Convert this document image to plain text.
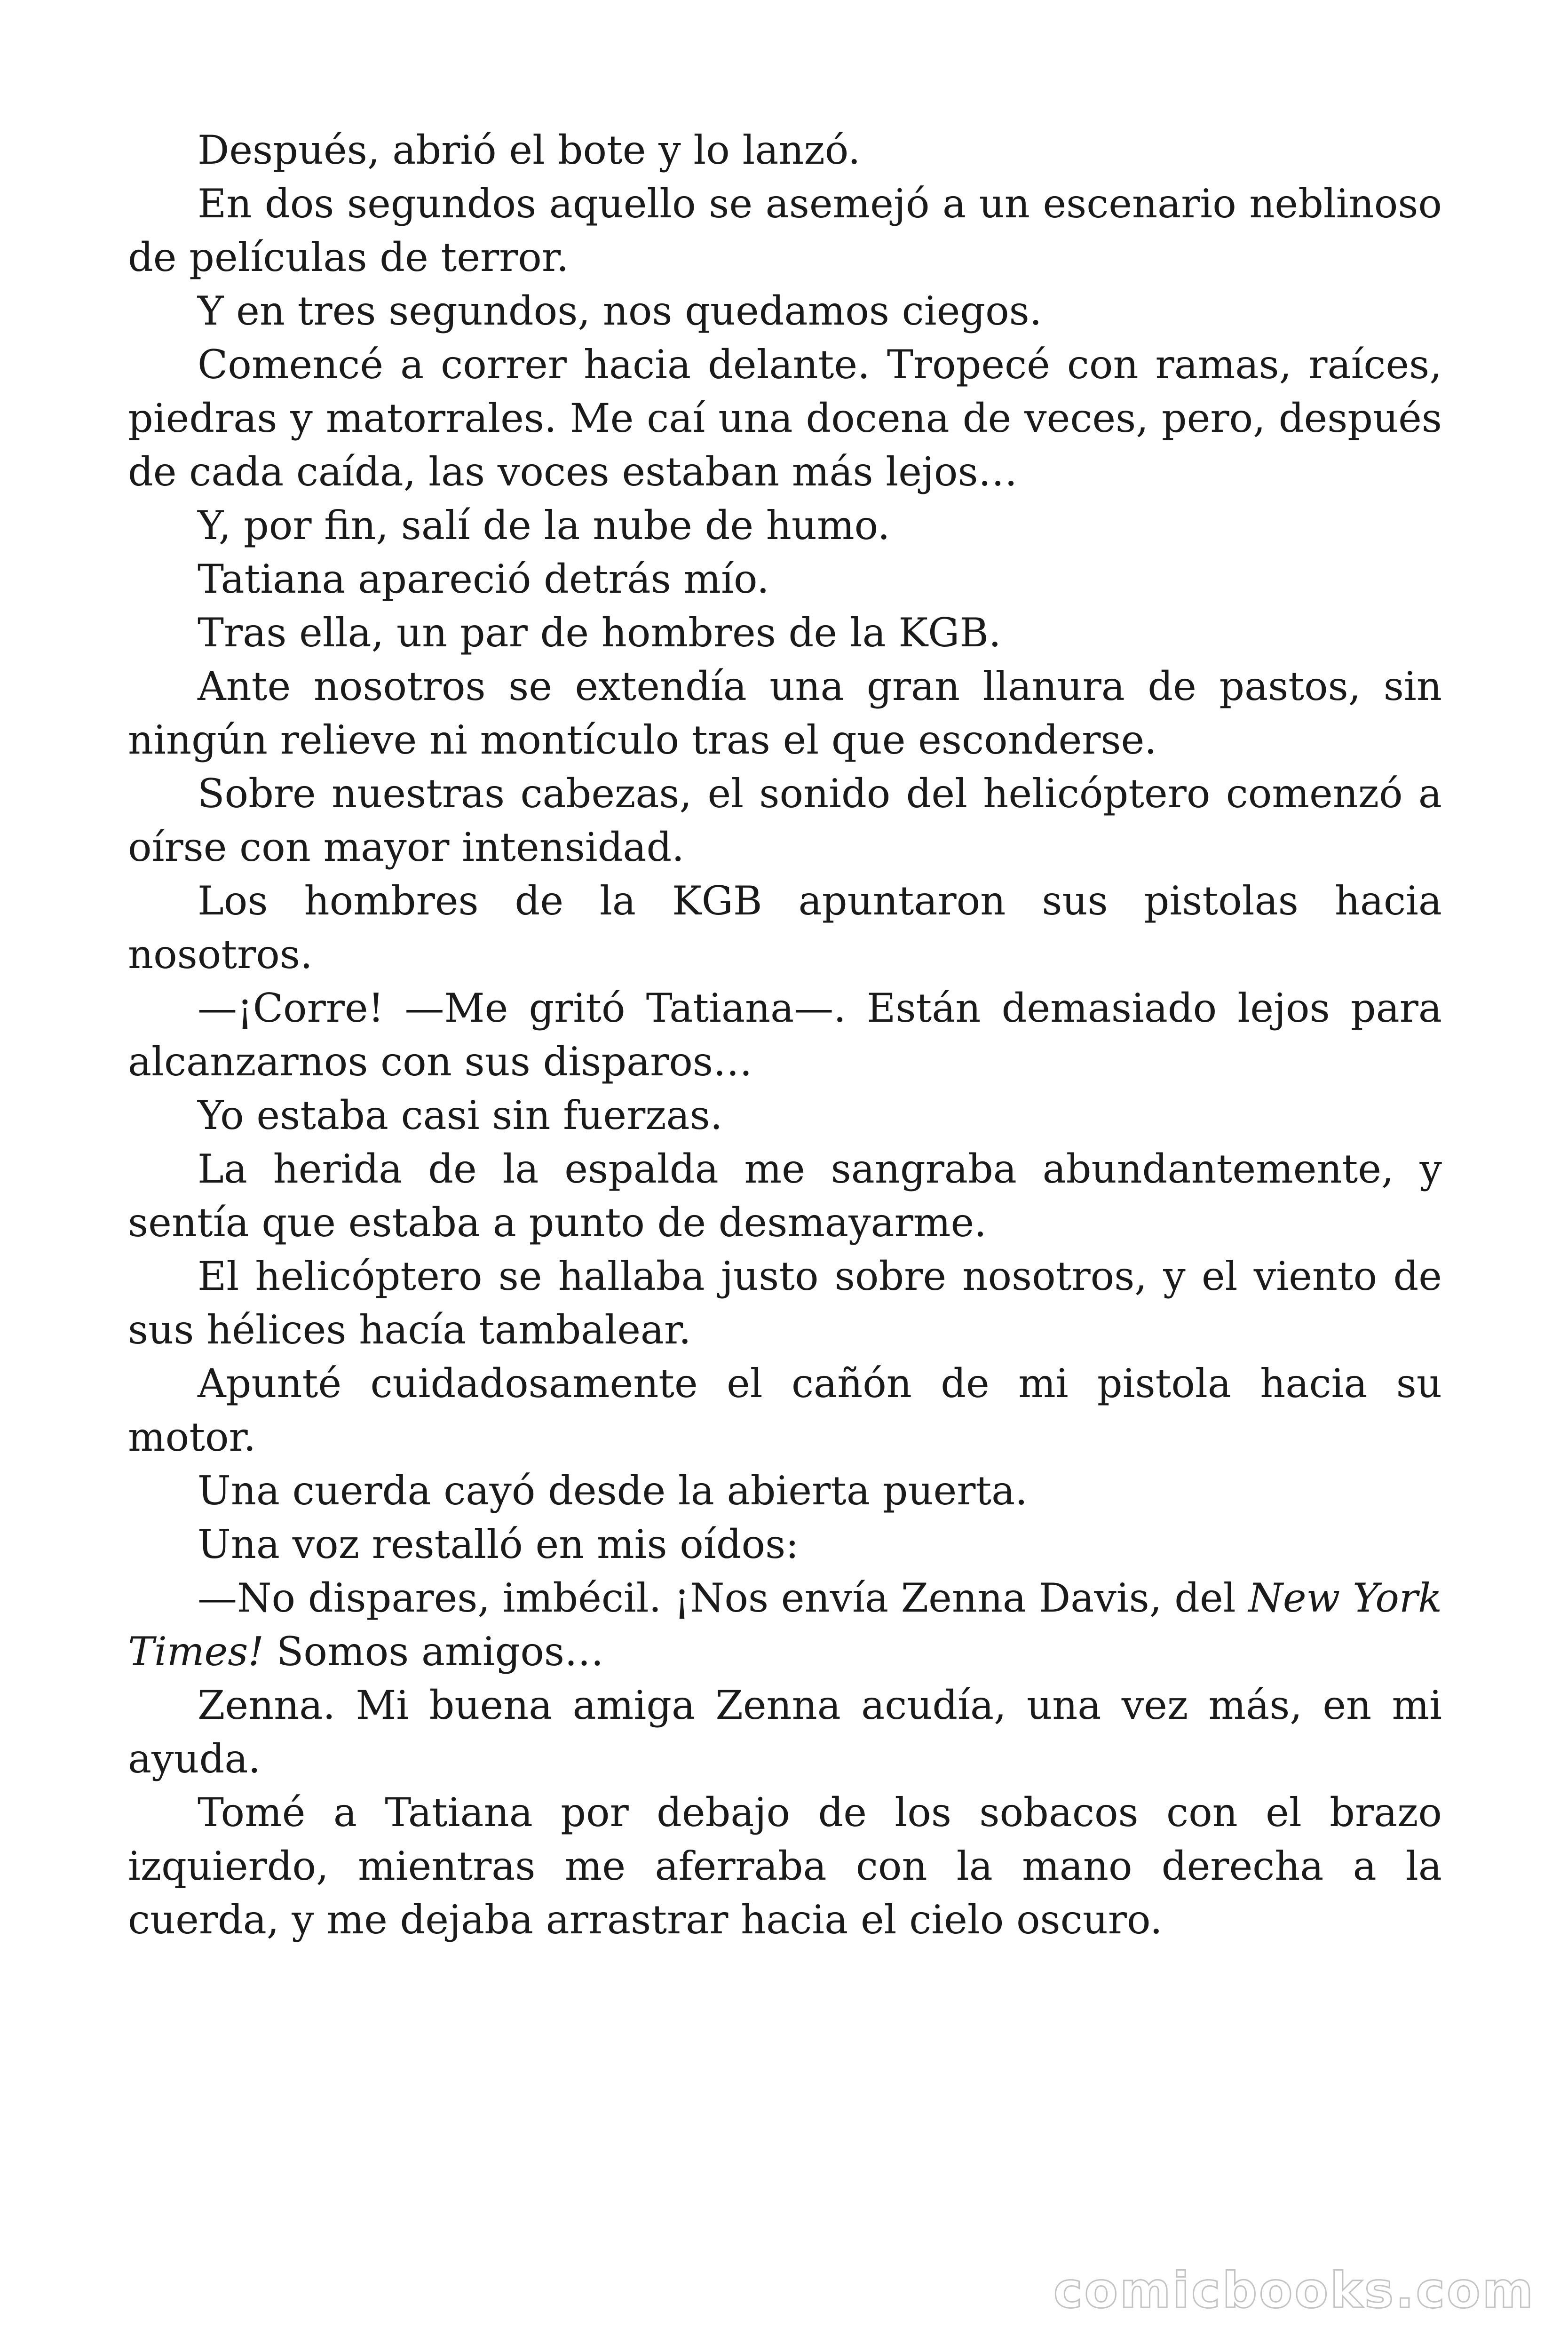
Después, abrió el bote y lo lanzó.

En dos segundos aquello se asemejó a un escenario neblinoso de películas de terror.

Y en tres segundos, nos quedamos ciegos.

Comencé a correr hacia delante. Tropecé con ramas, raíces, piedras y matorrales. Me caí una docena de veces, pero, después de cada caída, las voces estaban más lejos…

Y, por fin, salí de la nube de humo.

Tatiana apareció detrás mío.

Tras ella, un par de hombres de la KGB.

Ante nosotros se extendía una gran llanura de pastos, sin ningún relieve ni montículo tras el que esconderse.

Sobre nuestras cabezas, el sonido del helicóptero comenzó a oírse con mayor intensidad.

Los hombres de la KGB apuntaron sus pistolas hacia nosotros.

—¡Corre! —Me gritó Tatiana—. Están demasiado lejos para alcanzarnos con sus disparos…

Yo estaba casi sin fuerzas.

La herida de la espalda me sangraba abundantemente, y sentía que estaba a punto de desmayarme.

El helicóptero se hallaba justo sobre nosotros, y el viento de sus hélices hacía tambalear.

Apunté cuidadosamente el cañón de mi pistola hacia su motor.

Una cuerda cayó desde la abierta puerta.

Una voz restalló en mis oídos:

—No dispares, imbécil. ¡Nos envía Zenna Davis, del New York Times! Somos amigos…

Zenna. Mi buena amiga Zenna acudía, una vez más, en mi ayuda.

Tomé a Tatiana por debajo de los sobacos con el brazo izquierdo, mientras me aferraba con la mano derecha a la cuerda, y me dejaba arrastrar hacia el cielo oscuro.

comicbooks.com
